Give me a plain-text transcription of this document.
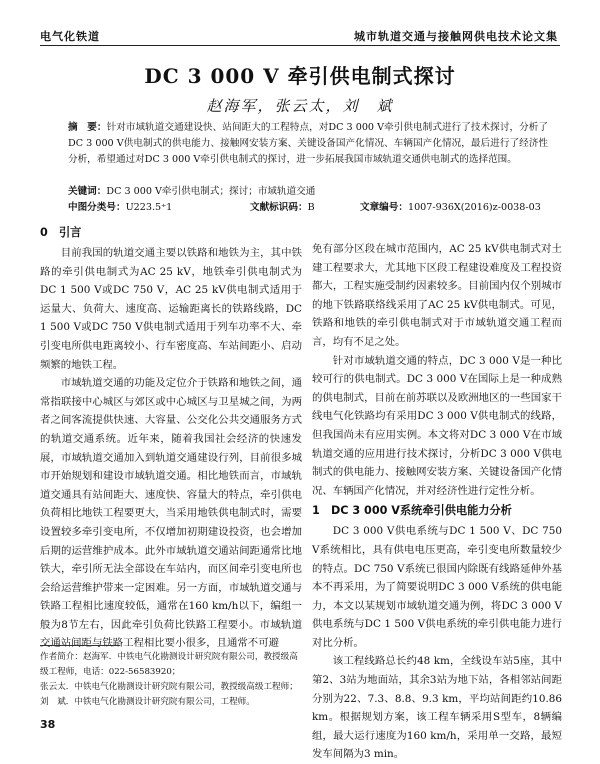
电气化铁道	城市轨道交通与接触网供电技术论文集
DC 3 000 V 牵引供电制式探讨
赵海军，张云太，刘　斌
摘　要：针对市域轨道交通建设快、站间距大的工程特点，对DC 3 000 V牵引供电制式进行了技术探讨，分析了DC 3 000 V供电制式的供电能力、接触网安装方案、关键设备国产化情况、车辆国产化情况，最后进行了经济性分析，希望通过对DC 3 000 V牵引供电制式的探讨，进一步拓展我国市域轨道交通供电制式的选择范围。
关键词：DC 3 000 V牵引供电制式；探讨；市域轨道交通
中图分类号：U223.5⁺1	文献标识码：B	文章编号：1007-936X(2016)z-0038-03
0　引言

目前我国的轨道交通主要以铁路和地铁为主，其中铁路的牵引供电制式为AC 25 kV，地铁牵引供电制式为DC 1 500 V或DC 750 V，AC 25 kV供电制式适用于运量大、负荷大、速度高、运输距离长的铁路线路，DC 1 500 V或DC 750 V供电制式适用于列车功率不大、牵引变电所供电距离较小、行车密度高、车站间距小、启动频繁的地铁工程。

市域轨道交通的功能及定位介于铁路和地铁之间，通常指联接中心城区与郊区或中心城区与卫星城之间，为两者之间客流提供快速、大容量、公交化公共交通服务方式的轨道交通系统。近年来，随着我国社会经济的快速发展，市域轨道交通加入到轨道交通建设行列，目前很多城市开始规划和建设市域轨道交通。相比地铁而言，市域轨道交通具有站间距大、速度快、容量大的特点，牵引供电负荷相比地铁工程要更大，当采用地铁供电制式时，需要设置较多牵引变电所，不仅增加初期建设投资，也会增加后期的运营维护成本。此外市域轨道交通站间距通常比地铁大，牵引所无法全部设在车站内，而区间牵引变电所也会给运营维护带来一定困难。另一方面，市域轨道交通与铁路工程相比速度较低，通常在160 km/h以下，编组一般为8节左右，因此牵引负荷比铁路工程要小。市域轨道交通站间距与铁路工程相比要小很多，且通常不可避

免有部分区段在城市范围内，AC 25 kV供电制式对土建工程要求大，尤其地下区段工程建设难度及工程投资都大，工程实施受制约因素较多。目前国内仅个别城市的地下铁路联络线采用了AC 25 kV供电制式。可见，铁路和地铁的牵引供电制式对于市域轨道交通工程而言，均有不足之处。

针对市域轨道交通的特点，DC 3 000 V是一种比较可行的供电制式。DC 3 000 V在国际上是一种成熟的供电制式，目前在前苏联以及欧洲地区的一些国家干线电气化铁路均有采用DC 3 000 V供电制式的线路，但我国尚未有应用实例。本文将对DC 3 000 V在市域轨道交通的应用进行技术探讨，分析DC 3 000 V供电制式的供电能力、接触网安装方案、关键设备国产化情况、车辆国产化情况，并对经济性进行定性分析。

1　DC 3 000 V系统牵引供电能力分析

DC 3 000 V供电系统与DC 1 500 V、DC 750 V系统相比，具有供电电压更高，牵引变电所数量较少的特点。DC 750 V系统已很国内除既有线路延伸外基本不再采用，为了简要说明DC 3 000 V系统的供电能力，本文以某规划市域轨道交通为例，将DC 3 000 V供电系统与DC 1 500 V供电系统的牵引供电能力进行对比分析。

该工程线路总长约48 km，全线设车站5座，其中第2、3站为地面站，其余3站为地下站，各相邻站间距分别为22、7.3、8.8、9.3 km，平均站间距约10.86 km。根据规划方案，该工程车辆采用S型车，8辆编组，最大运行速度为160 km/h，采用单一交路，最短发车间隔为3 min。

作者简介：赵海军．中铁电气化勘测设计研究院有限公司，教授级高级工程师，电话：022-56583920；
张云太．中铁电气化勘测设计研究院有限公司，教授级高级工程师；
刘　斌．中铁电气化勘测设计研究院有限公司，工程师。
38
